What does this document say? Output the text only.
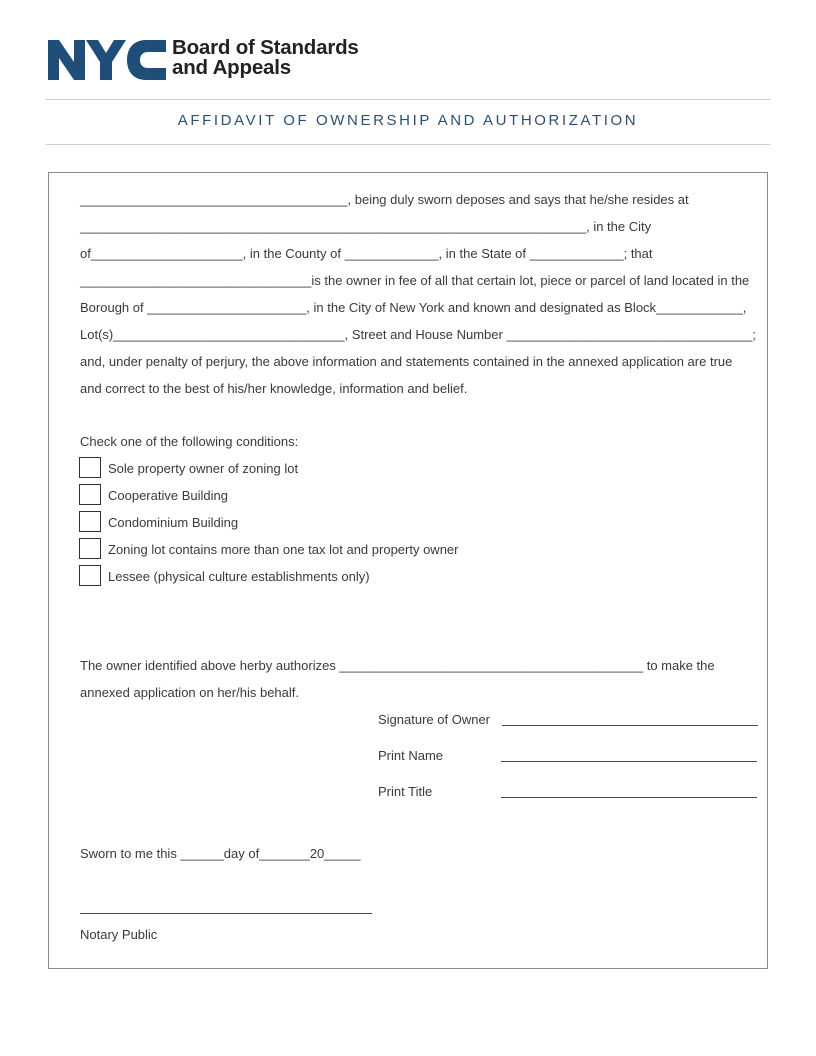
NYC	Board of Standards
and Appeals
AFFIDAVIT OF OWNERSHIP AND AUTHORIZATION
_____________________________________, being duly sworn deposes and says that he/she resides at
______________________________________________________________________, in the City
of_____________________, in the County of _____________, in the State of _____________; that
________________________________is the owner in fee of all that certain lot, piece or parcel of land located in the
Borough of ______________________, in the City of New York and known and designated as Block____________,
Lot(s)________________________________, Street and House Number __________________________________;
and, under penalty of perjury, the above information and statements contained in the annexed application are true
and correct to the best of his/her knowledge, information and belief.
Check one of the following conditions:
Sole property owner of zoning lot
Cooperative Building
Condominium Building
Zoning lot contains more than one tax lot and property owner
Lessee (physical culture establishments only)
The owner identified above herby authorizes __________________________________________ to make the
annexed application on her/his behalf.
Signature of Owner
Print Name
Print Title
Sworn to me this ______day of_______20_____
Notary Public
